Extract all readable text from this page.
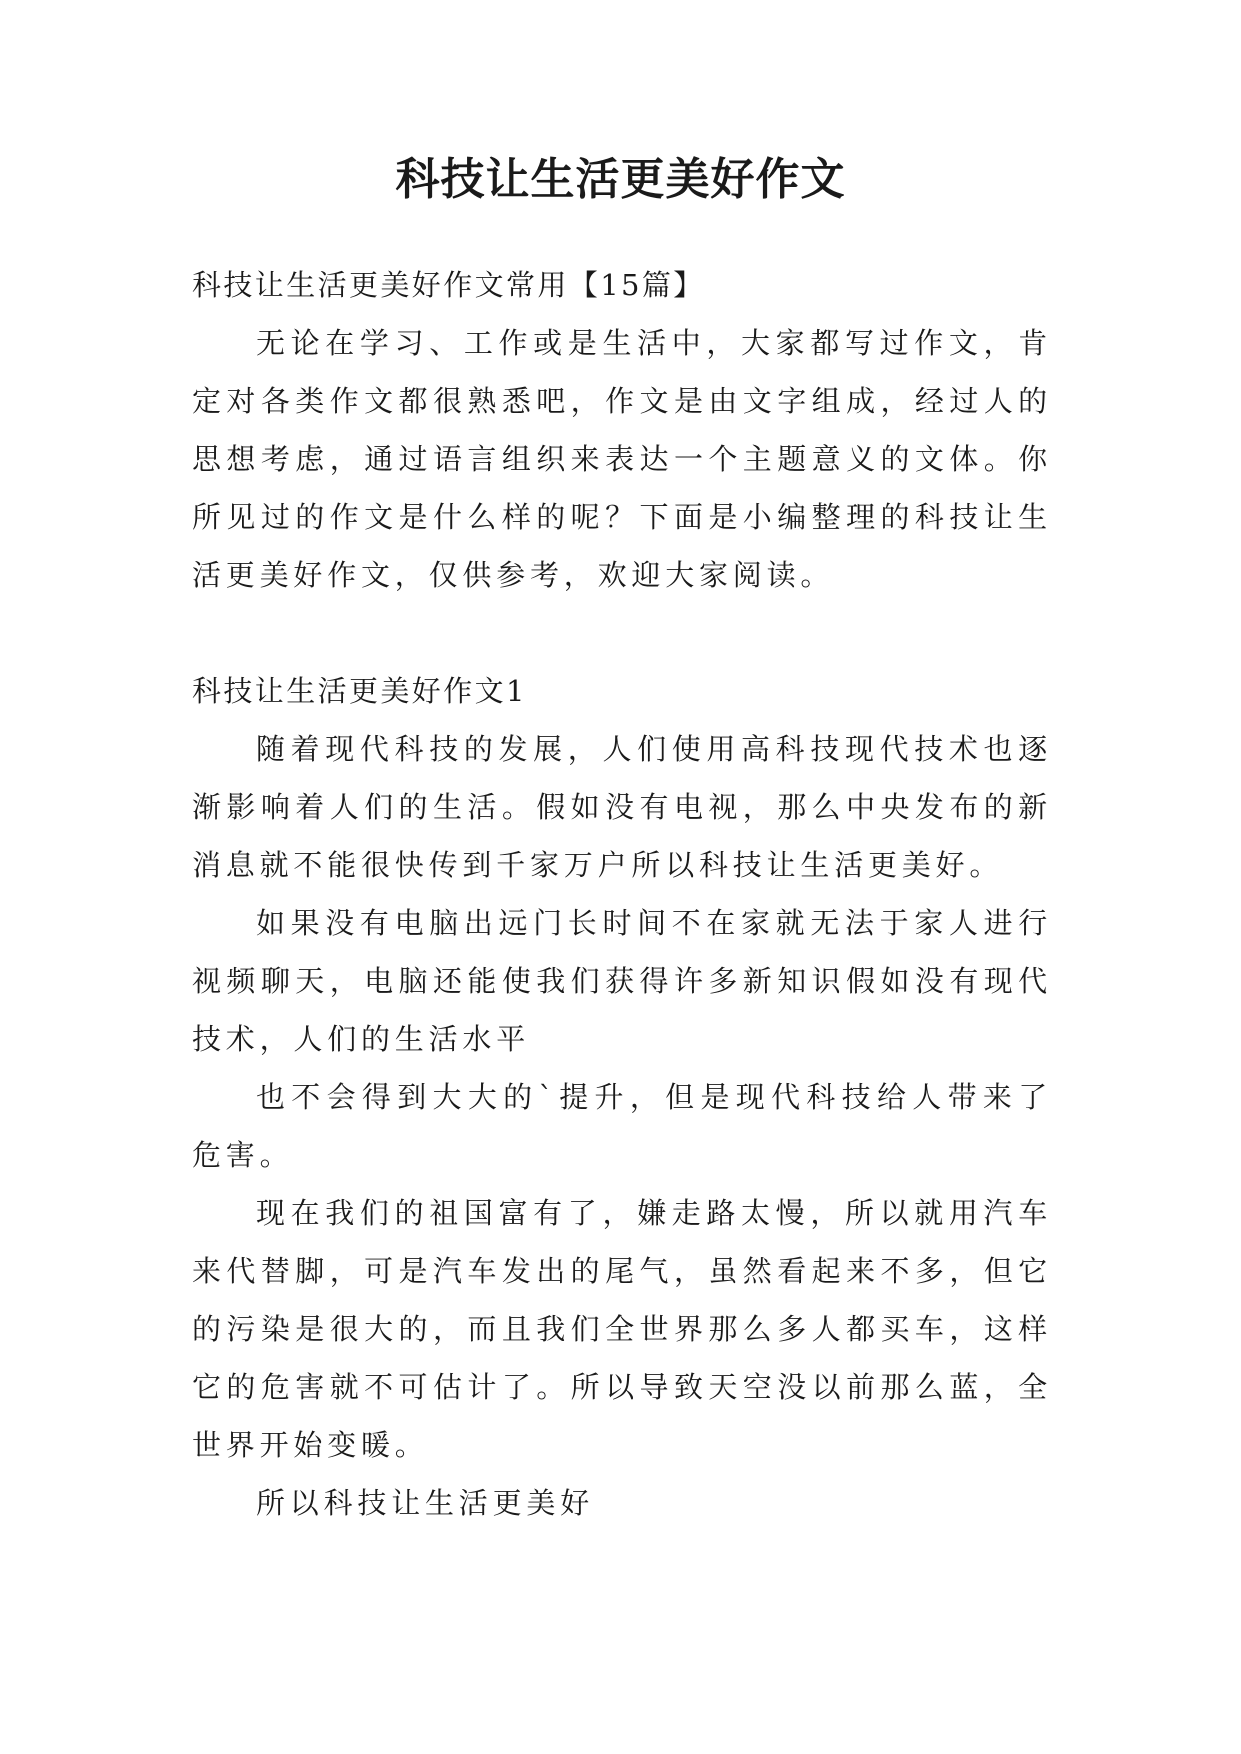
科技让生活更美好作文

科技让生活更美好作文常用【15篇】

无论在学习、工作或是生活中，大家都写过作文，肯定对各类作文都很熟悉吧，作文是由文字组成，经过人的思想考虑，通过语言组织来表达一个主题意义的文体。你所见过的作文是什么样的呢？下面是小编整理的科技让生活更美好作文，仅供参考，欢迎大家阅读。

科技让生活更美好作文1

随着现代科技的发展，人们使用高科技现代技术也逐渐影响着人们的生活。假如没有电视，那么中央发布的新消息就不能很快传到千家万户所以科技让生活更美好。

如果没有电脑出远门长时间不在家就无法于家人进行视频聊天，电脑还能使我们获得许多新知识假如没有现代技术，人们的生活水平

也不会得到大大的`提升，但是现代科技给人带来了危害。

现在我们的祖国富有了，嫌走路太慢，所以就用汽车来代替脚，可是汽车发出的尾气，虽然看起来不多，但它的污染是很大的，而且我们全世界那么多人都买车，这样它的危害就不可估计了。所以导致天空没以前那么蓝，全世界开始变暖。

所以科技让生活更美好
